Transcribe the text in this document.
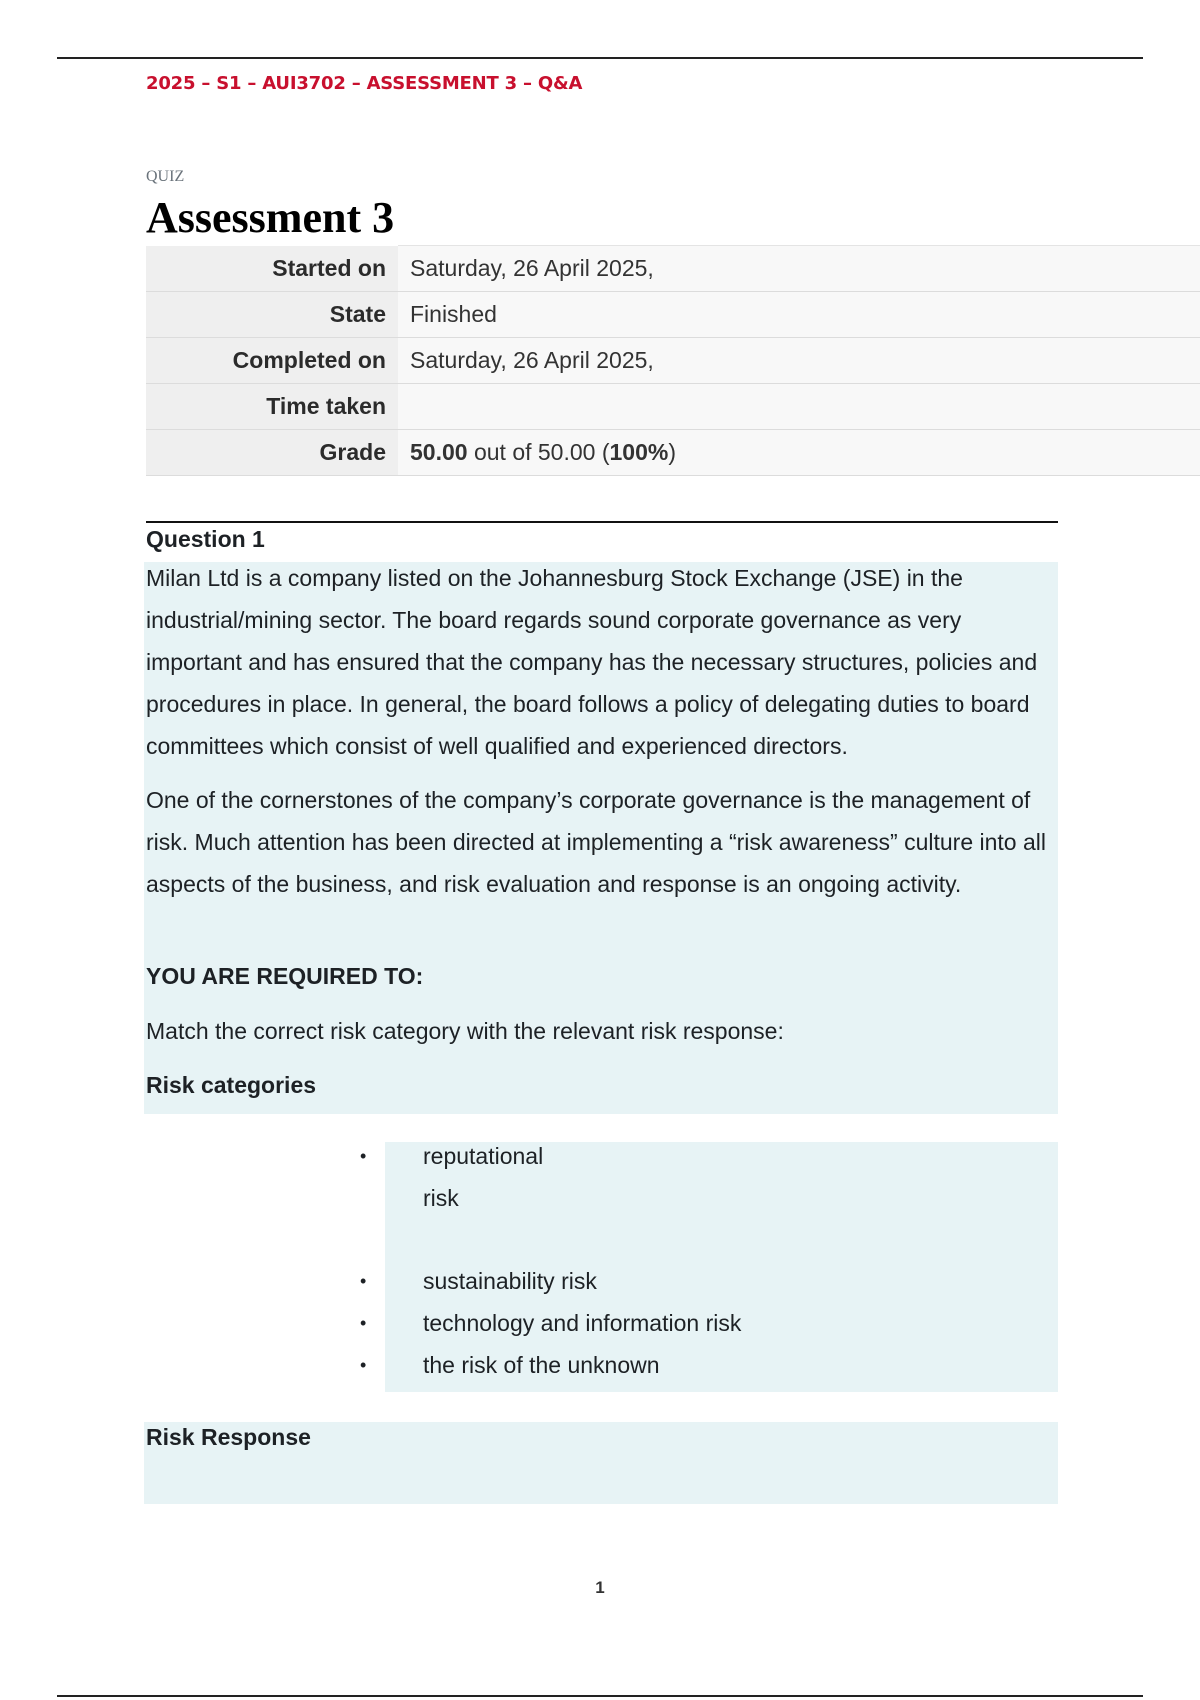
2025 – S1 – AUI3702 – ASSESSMENT 3 – Q&A
QUIZ
Assessment 3
Started on	Saturday, 26 April 2025,
State	Finished
Completed on	Saturday, 26 April 2025,
Time taken	
Grade	50.00 out of 50.00 (100%)
Question 1
Milan Ltd is a company listed on the Johannesburg Stock Exchange (JSE) in the industrial/mining sector. The board regards sound corporate governance as very important and has ensured that the company has the necessary structures, policies and procedures in place. In general, the board follows a policy of delegating duties to board committees which consist of well qualified and experienced directors.
One of the cornerstones of the company’s corporate governance is the management of risk. Much attention has been directed at implementing a “risk awareness” culture into all aspects of the business, and risk evaluation and response is an ongoing activity.
YOU ARE REQUIRED TO:
Match the correct risk category with the relevant risk response:
Risk categories
• reputational risk
• sustainability risk
• technology and information risk
• the risk of the unknown
Risk Response
1
